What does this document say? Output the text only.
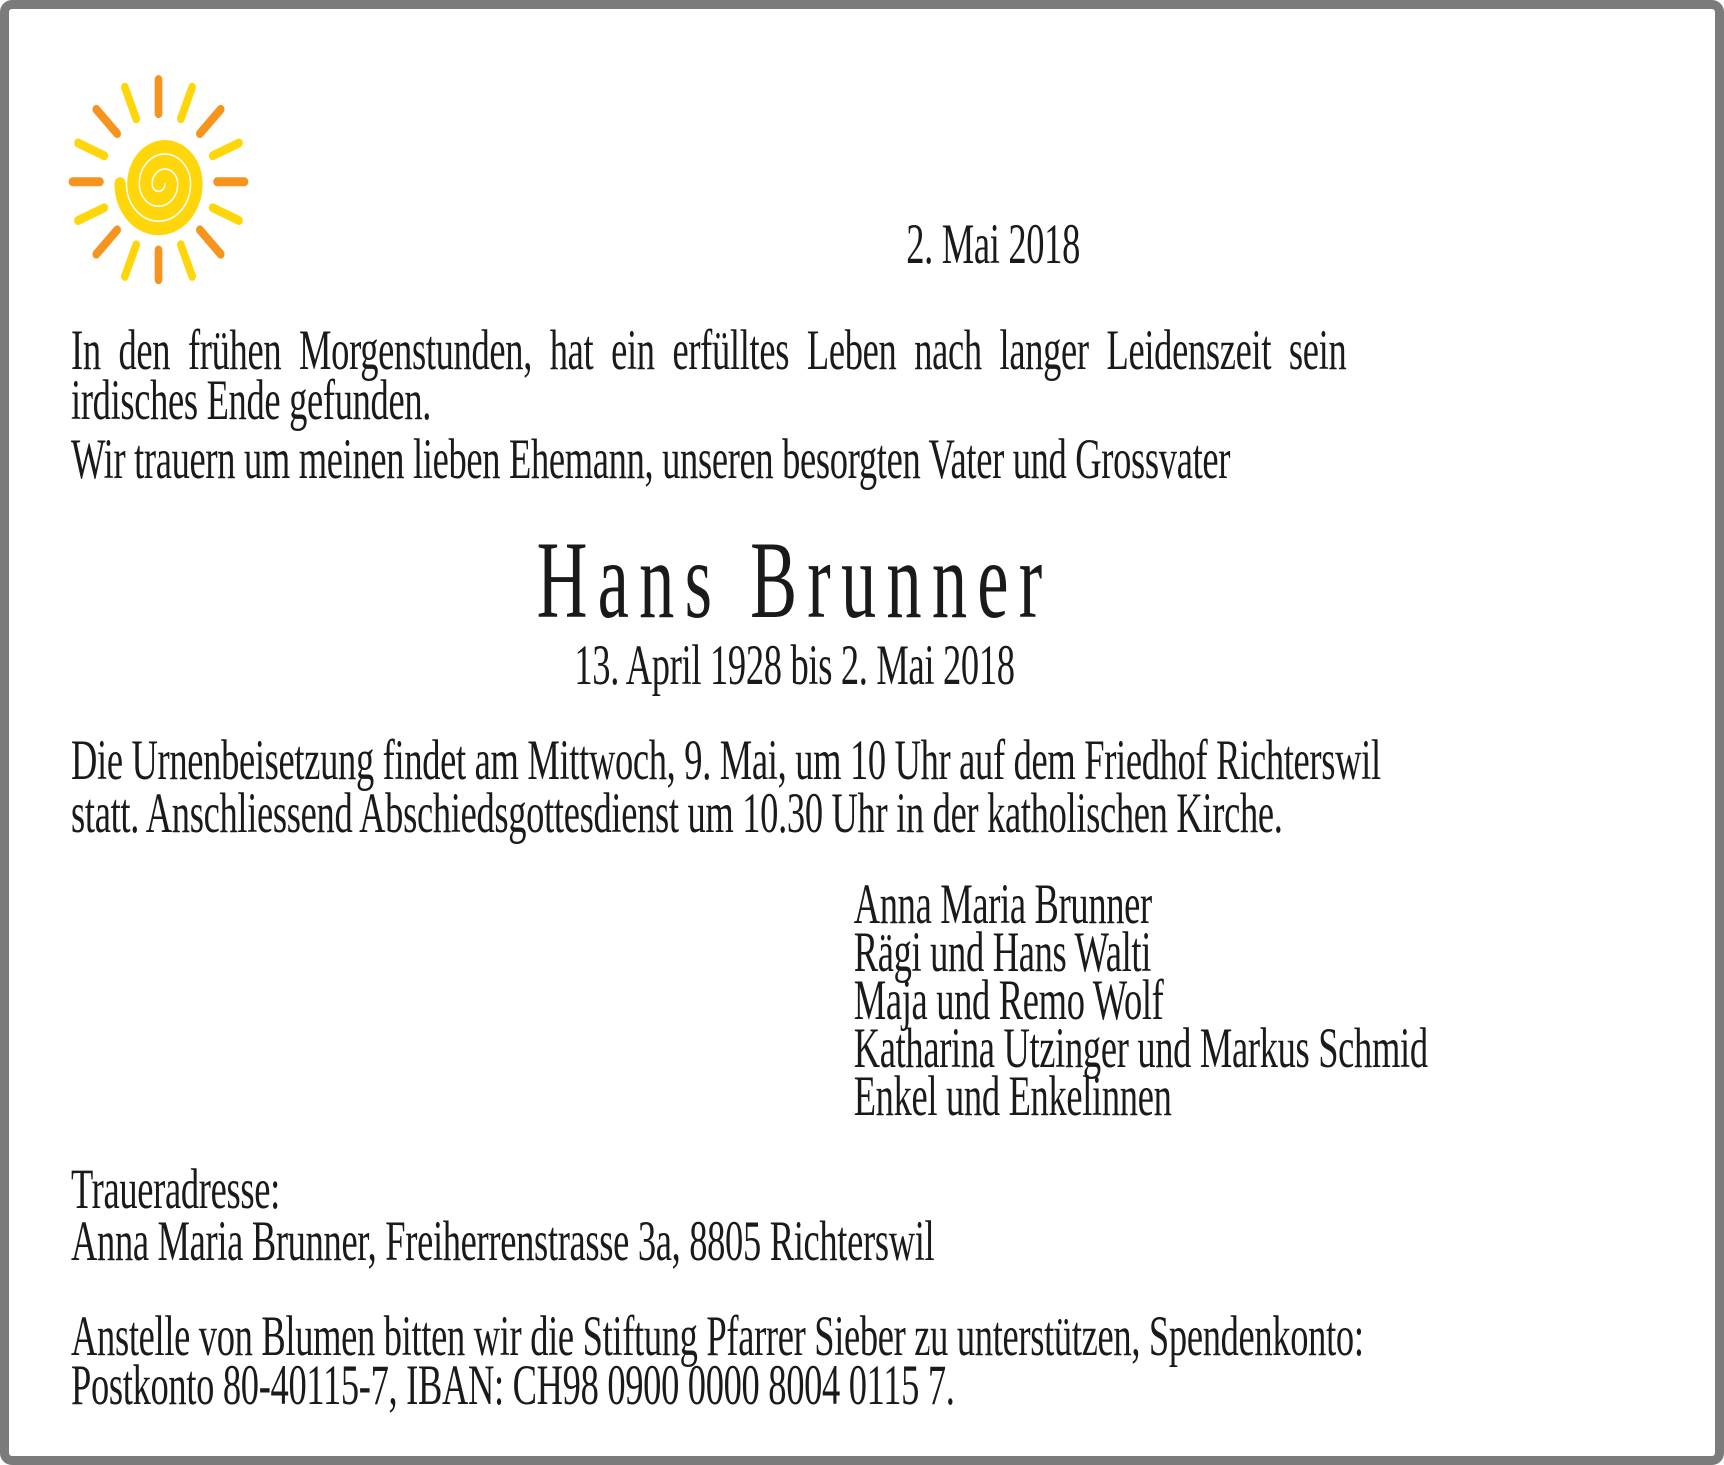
2. Mai 2018
In den frühen Morgenstunden, hat ein erfülltes Leben nach langer Leidenszeit sein
irdisches Ende gefunden.
Wir trauern um meinen lieben Ehemann, unseren besorgten Vater und Grossvater
Hans Brunner
13. April 1928 bis 2. Mai 2018
Die Urnenbeisetzung findet am Mittwoch, 9. Mai, um 10 Uhr auf dem Friedhof Richterswil
statt. Anschliessend Abschiedsgottesdienst um 10.30 Uhr in der katholischen Kirche.
Anna Maria Brunner
Rägi und Hans Walti
Maja und Remo Wolf
Katharina Utzinger und Markus Schmid
Enkel und Enkelinnen
Traueradresse:
Anna Maria Brunner, Freiherrenstrasse 3a, 8805 Richterswil
Anstelle von Blumen bitten wir die Stiftung Pfarrer Sieber zu unterstützen, Spendenkonto:
Postkonto 80-40115-7, IBAN: CH98 0900 0000 8004 0115 7.
